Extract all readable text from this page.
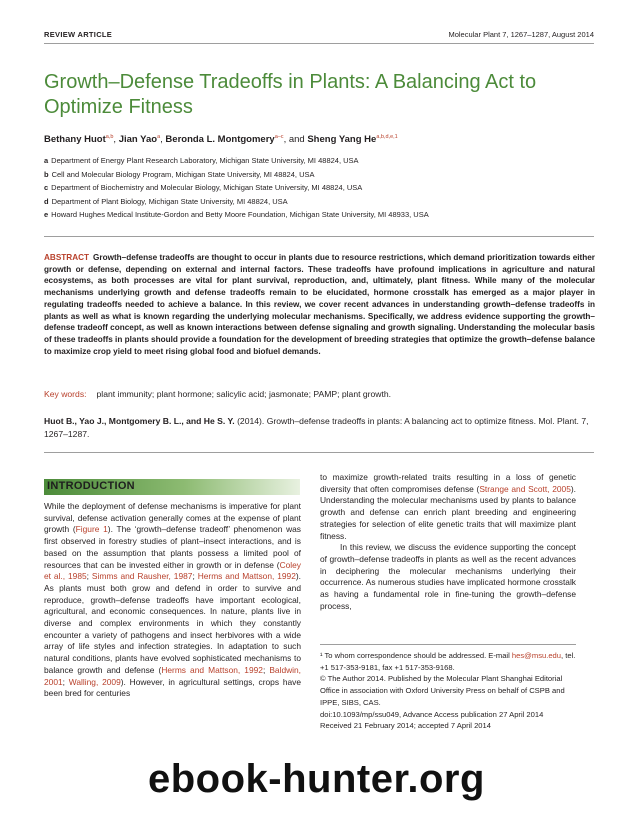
REVIEW ARTICLE	Molecular Plant 7, 1267–1287, August 2014
Growth–Defense Tradeoffs in Plants: A Balancing Act to Optimize Fitness
Bethany Huot$^{a,b}$, Jian Yao$^a$, Beronda L. Montgomery$^{a-c}$, and Sheng Yang He$^{a,b,d,e,1}$
a Department of Energy Plant Research Laboratory, Michigan State University, MI 48824, USA
b Cell and Molecular Biology Program, Michigan State University, MI 48824, USA
c Department of Biochemistry and Molecular Biology, Michigan State University, MI 48824, USA
d Department of Plant Biology, Michigan State University, MI 48824, USA
e Howard Hughes Medical Institute-Gordon and Betty Moore Foundation, Michigan State University, MI 48933, USA

ABSTRACT Growth–defense tradeoffs are thought to occur in plants due to resource restrictions, which demand prioritization towards either growth or defense, depending on external and internal factors. These tradeoffs have profound implications in agriculture and natural ecosystems, as both processes are vital for plant survival, reproduction, and, ultimately, plant fitness. While many of the molecular mechanisms underlying growth and defense tradeoffs remain to be elucidated, hormone crosstalk has emerged as a major player in regulating tradeoffs needed to achieve a balance. In this review, we cover recent advances in understanding growth–defense tradeoffs in plants as well as what is known regarding the underlying molecular mechanisms. Specifically, we address evidence supporting the growth–defense tradeoff concept, as well as known interactions between defense signaling and growth signaling. Understanding the molecular basis of these tradeoffs in plants should provide a foundation for the development of breeding strategies that optimize the growth–defense balance to maximize crop yield to meet rising global food and biofuel demands.

Key words: plant immunity; plant hormone; salicylic acid; jasmonate; PAMP; plant growth.

Huot B., Yao J., Montgomery B. L., and He S. Y. (2014). Growth–defense tradeoffs in plants: A balancing act to optimize fitness. Mol. Plant. 7, 1267–1287.

INTRODUCTION

While the deployment of defense mechanisms is imperative for plant survival, defense activation generally comes at the expense of plant growth (Figure 1). The ‘growth–defense tradeoff’ phenomenon was first observed in forestry studies of plant–insect interactions, and is based on the assumption that plants possess a limited pool of resources that can be invested either in growth or in defense (Coley et al., 1985; Simms and Rausher, 1987; Herms and Mattson, 1992). As plants must both grow and defend in order to survive and reproduce, growth–defense tradeoffs have important ecological, agricultural, and economic consequences. In nature, plants live in diverse and complex environments in which they constantly encounter a variety of pathogens and insect herbivores with a wide array of life styles and infection strategies. In adaptation to such natural conditions, plants have evolved sophisticated mechanisms to balance growth and defense (Herms and Mattson, 1992; Baldwin, 2001; Walling, 2009). However, in agricultural settings, crops have been bred for centuries

to maximize growth-related traits resulting in a loss of genetic diversity that often compromises defense (Strange and Scott, 2005). Understanding the molecular mechanisms used by plants to balance growth and defense can enrich plant breeding and engineering strategies for selection of elite genetic traits that will maximize plant fitness.
In this review, we discuss the evidence supporting the concept of growth–defense tradeoffs in plants as well as the recent advances in deciphering the molecular mechanisms underlying their occurrence. As numerous studies have implicated hormone crosstalk as having a fundamental role in fine-tuning the growth–defense process,
¹ To whom correspondence should be addressed. E-mail hes@msu.edu, tel. +1 517-353-9181, fax +1 517-353-9168.
© The Author 2014. Published by the Molecular Plant Shanghai Editorial Office in association with Oxford University Press on behalf of CSPB and IPPE, SIBS, CAS.
doi:10.1093/mp/ssu049, Advance Access publication 27 April 2014
Received 21 February 2014; accepted 7 April 2014
ebook-hunter.org
